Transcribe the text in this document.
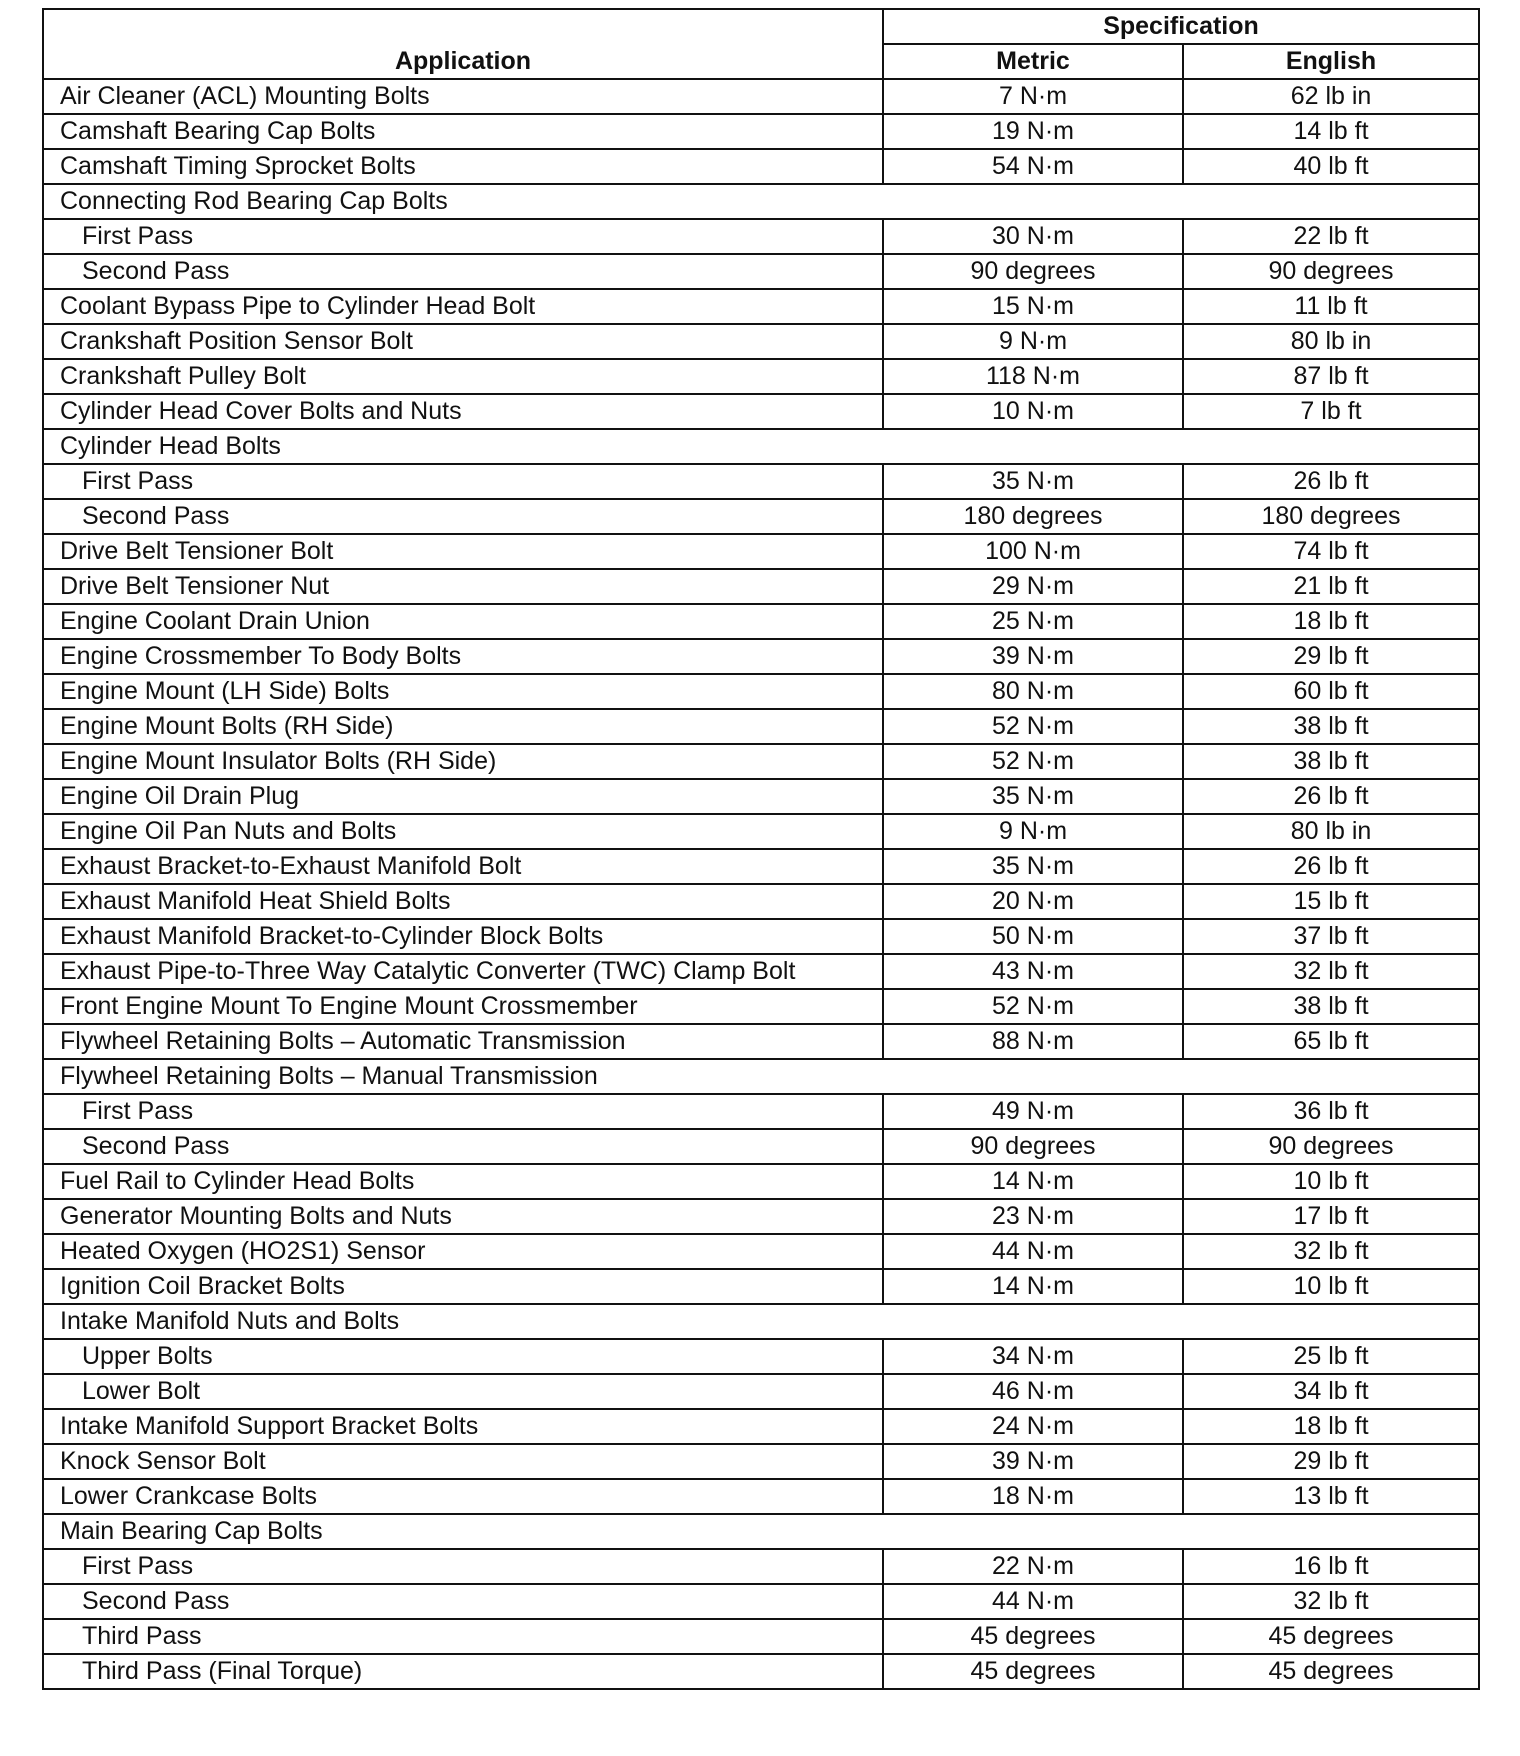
Application	Specification	
	Metric	English
Air Cleaner (ACL) Mounting Bolts	7 N·m	62 lb in
Camshaft Bearing Cap Bolts	19 N·m	14 lb ft
Camshaft Timing Sprocket Bolts	54 N·m	40 lb ft
Connecting Rod Bearing Cap Bolts		
First Pass	30 N·m	22 lb ft
Second Pass	90 degrees	90 degrees
Coolant Bypass Pipe to Cylinder Head Bolt	15 N·m	11 lb ft
Crankshaft Position Sensor Bolt	9 N·m	80 lb in
Crankshaft Pulley Bolt	118 N·m	87 lb ft
Cylinder Head Cover Bolts and Nuts	10 N·m	7 lb ft
Cylinder Head Bolts		
First Pass	35 N·m	26 lb ft
Second Pass	180 degrees	180 degrees
Drive Belt Tensioner Bolt	100 N·m	74 lb ft
Drive Belt Tensioner Nut	29 N·m	21 lb ft
Engine Coolant Drain Union	25 N·m	18 lb ft
Engine Crossmember To Body Bolts	39 N·m	29 lb ft
Engine Mount (LH Side) Bolts	80 N·m	60 lb ft
Engine Mount Bolts (RH Side)	52 N·m	38 lb ft
Engine Mount Insulator Bolts (RH Side)	52 N·m	38 lb ft
Engine Oil Drain Plug	35 N·m	26 lb ft
Engine Oil Pan Nuts and Bolts	9 N·m	80 lb in
Exhaust Bracket-to-Exhaust Manifold Bolt	35 N·m	26 lb ft
Exhaust Manifold Heat Shield Bolts	20 N·m	15 lb ft
Exhaust Manifold Bracket-to-Cylinder Block Bolts	50 N·m	37 lb ft
Exhaust Pipe-to-Three Way Catalytic Converter (TWC) Clamp Bolt	43 N·m	32 lb ft
Front Engine Mount To Engine Mount Crossmember	52 N·m	38 lb ft
Flywheel Retaining Bolts – Automatic Transmission	88 N·m	65 lb ft
Flywheel Retaining Bolts – Manual Transmission		
First Pass	49 N·m	36 lb ft
Second Pass	90 degrees	90 degrees
Fuel Rail to Cylinder Head Bolts	14 N·m	10 lb ft
Generator Mounting Bolts and Nuts	23 N·m	17 lb ft
Heated Oxygen (HO2S1) Sensor	44 N·m	32 lb ft
Ignition Coil Bracket Bolts	14 N·m	10 lb ft
Intake Manifold Nuts and Bolts		
Upper Bolts	34 N·m	25 lb ft
Lower Bolt	46 N·m	34 lb ft
Intake Manifold Support Bracket Bolts	24 N·m	18 lb ft
Knock Sensor Bolt	39 N·m	29 lb ft
Lower Crankcase Bolts	18 N·m	13 lb ft
Main Bearing Cap Bolts		
First Pass	22 N·m	16 lb ft
Second Pass	44 N·m	32 lb ft
Third Pass	45 degrees	45 degrees
Third Pass (Final Torque)	45 degrees	45 degrees
